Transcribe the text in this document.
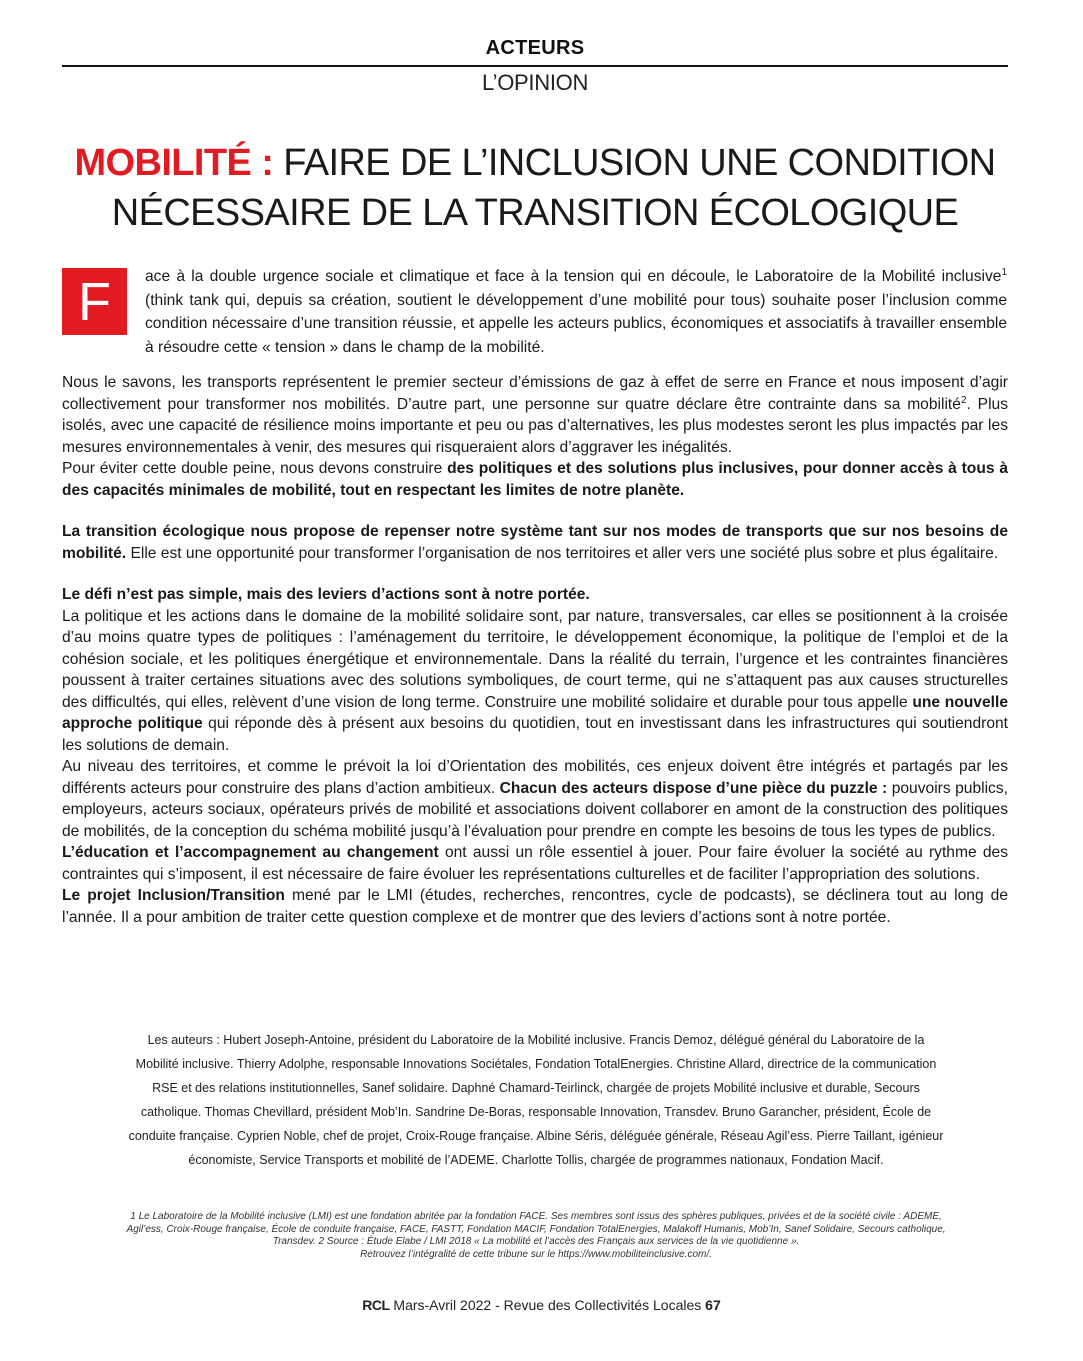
ACTEURS
L’OPINION
MOBILITÉ : FAIRE DE L’INCLUSION UNE CONDITION
NÉCESSAIRE DE LA TRANSITION ÉCOLOGIQUE
F	ace à la double urgence sociale et climatique et face à la tension qui en découle, le Laboratoire de la Mobilité inclusive$^1$ (think tank qui, depuis sa création, soutient le développement d’une mobilité pour tous) souhaite poser l’inclusion comme condition nécessaire d’une transition réussie, et appelle les acteurs publics, économiques et associatifs à travailler ensemble à résoudre cette « tension » dans le champ de la mobilité.

Nous le savons, les transports représentent le premier secteur d’émissions de gaz à effet de serre en France et nous imposent d’agir collectivement pour transformer nos mobilités. D’autre part, une personne sur quatre déclare être contrainte dans sa mobilité$^2$. Plus isolés, avec une capacité de résilience moins importante et peu ou pas d’alternatives, les plus modestes seront les plus impactés par les mesures environnementales à venir, des mesures qui risqueraient alors d’aggraver les inégalités.

Pour éviter cette double peine, nous devons construire des politiques et des solutions plus inclusives, pour donner accès à tous à des capacités minimales de mobilité, tout en respectant les limites de notre planète.

La transition écologique nous propose de repenser notre système tant sur nos modes de transports que sur nos besoins de mobilité. Elle est une opportunité pour transformer l’organisation de nos territoires et aller vers une société plus sobre et plus égalitaire.

Le défi n’est pas simple, mais des leviers d’actions sont à notre portée.

La politique et les actions dans le domaine de la mobilité solidaire sont, par nature, transversales, car elles se positionnent à la croisée d’au moins quatre types de politiques : l’aménagement du territoire, le développement économique, la politique de l’emploi et de la cohésion sociale, et les politiques énergétique et environnementale. Dans la réalité du terrain, l’urgence et les contraintes financières poussent à traiter certaines situations avec des solutions symboliques, de court terme, qui ne s’attaquent pas aux causes structurelles des difficultés, qui elles, relèvent d’une vision de long terme. Construire une mobilité solidaire et durable pour tous appelle une nouvelle approche politique qui réponde dès à présent aux besoins du quotidien, tout en investissant dans les infrastructures qui soutiendront les solutions de demain.

Au niveau des territoires, et comme le prévoit la loi d’Orientation des mobilités, ces enjeux doivent être intégrés et partagés par les différents acteurs pour construire des plans d’action ambitieux. Chacun des acteurs dispose d’une pièce du puzzle : pouvoirs publics, employeurs, acteurs sociaux, opérateurs privés de mobilité et associations doivent collaborer en amont de la construction des politiques de mobilités, de la conception du schéma mobilité jusqu’à l’évaluation pour prendre en compte les besoins de tous les types de publics.

L’éducation et l’accompagnement au changement ont aussi un rôle essentiel à jouer. Pour faire évoluer la société au rythme des contraintes qui s’imposent, il est nécessaire de faire évoluer les représentations culturelles et de faciliter l’appropriation des solutions.

Le projet Inclusion/Transition mené par le LMI (études, recherches, rencontres, cycle de podcasts), se déclinera tout au long de l’année. Il a pour ambition de traiter cette question complexe et de montrer que des leviers d’actions sont à notre portée.

Les auteurs : Hubert Joseph-Antoine, président du Laboratoire de la Mobilité inclusive. Francis Demoz, délégué général du Laboratoire de la Mobilité inclusive. Thierry Adolphe, responsable Innovations Sociétales, Fondation TotalEnergies. Christine Allard, directrice de la communication RSE et des relations institutionnelles, Sanef solidaire. Daphné Chamard-Teirlinck, chargée de projets Mobilité inclusive et durable, Secours catholique. Thomas Chevillard, président Mob’In. Sandrine De-Boras, responsable Innovation, Transdev. Bruno Garancher, président, École de conduite française. Cyprien Noble, chef de projet, Croix-Rouge française. Albine Séris, déléguée générale, Réseau Agil’ess. Pierre Taillant, igénieur économiste, Service Transports et mobilité de l’ADEME. Charlotte Tollis, chargée de programmes nationaux, Fondation Macif.
1 Le Laboratoire de la Mobilité inclusive (LMI) est une fondation abritée par la fondation FACE. Ses membres sont issus des sphères publiques, privées et de la société civile : ADEME, Agil’ess, Croix-Rouge française, École de conduite française, FACE, FASTT, Fondation MACIF, Fondation TotalEnergies, Malakoff Humanis, Mob’In, Sanef Solidaire, Secours catholique, Transdev. 2 Source : Étude Elabe / LMI 2018 « La mobilité et l’accès des Français aux services de la vie quotidienne ».
Retrouvez l’intégralité de cette tribune sur le https://www.mobiliteinclusive.com/.
RCL Mars-Avril 2022 - Revue des Collectivités Locales 67
